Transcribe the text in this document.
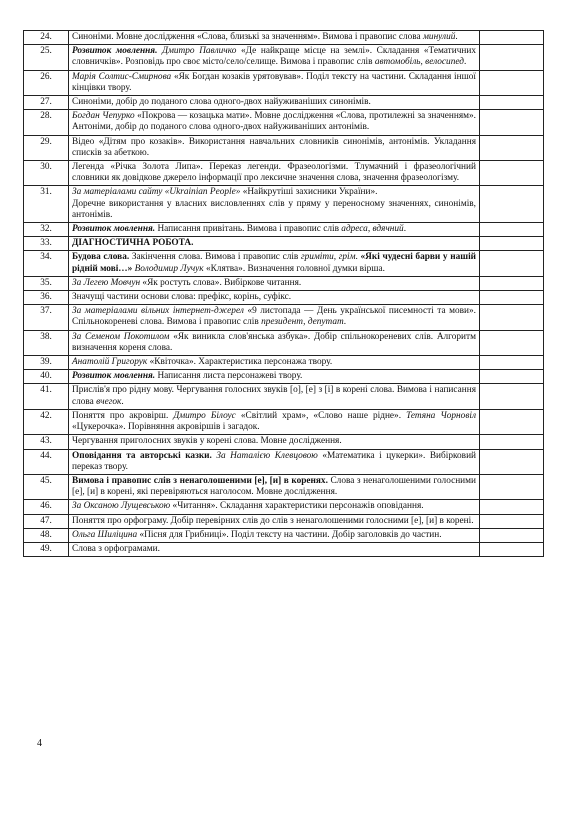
24.	Синоніми. Мовне дослідження «Слова, близькі за значенням». Вимова і правопис слова минулий.	
25.	Розвиток мовлення. Дмитро Павличко «Де найкраще місце на землі». Складання «Тематичних словничків». Розповідь про своє місто/село/селище. Вимова і правопис слів автомобіль, велосипед.	
26.	Марія Солтис-Смирнова «Як Богдан козаків урятовував». Поділ тексту на частини. Складання іншої кінцівки твору.	
27.	Синоніми, добір до поданого слова одного-двох найуживаніших синонімів.	
28.	Богдан Чепурко «Покрова — козацька мати». Мовне дослідження «Слова, протилежні за значенням». Антоніми, добір до поданого слова одного-двох найуживаніших антонімів.	
29.	Відео «Дітям про козаків». Використання навчальних словників синонімів, антонімів. Укладання списків за абеткою.	
30.	Легенда «Річка Золота Липа». Переказ легенди. Фразеологізми. Тлумачний і фразеологічний словники як довідкове джерело інформації про лексичне значення слова, значення фразеологізму.	
31.	За матеріалами сайту «Ukrainian People» «Найкрутіші захисники України».
Доречне використання у власних висловленнях слів у пряму у переносному значеннях, синонімів, антонімів.	
32.	Розвиток мовлення. Написання привітань. Вимова і правопис слів адреса, вдячний.	
33.	ДІАГНОСТИЧНА РОБОТА.	
34.	Будова слова. Закінчення слова. Вимова і правопис слів гриміти, грім. «Які чудесні барви у нашій рідній мові…» Володимир Лучук «Клятва». Визначення головної думки вірша.	
35.	За Легею Мовчун «Як ростуть слова». Вибіркове читання.	
36.	Значущі частини основи слова: префікс, корінь, суфікс.	
37.	За матеріалами вільних інтернет-джерел «9 листопада — День української писемності та мови». Спільнокореневі слова. Вимова і правопис слів президент, депутат.	
38.	За Семеном Покотилом «Як виникла слов'янська азбука». Добір спільнокореневих слів. Алгоритм визначення кореня слова.	
39.	Анатолій Григорук «Квіточка». Характеристика персонажа твору.	
40.	Розвиток мовлення. Написання листа персонажеві твору.	
41.	Прислів'я про рідну мову. Чергування голосних звуків [о], [е] з [і] в корені слова. Вимова і написання слова вчегок.	
42.	Поняття про акровірш. Дмитро Білоус «Світлий храм», «Слово наше рідне». Тетяна Чорновіл «Цукерочка». Порівняння акровіршів і загадок.	
43.	Чергування приголосних звуків у корені слова. Мовне дослідження.	
44.	Оповідання та авторські казки. За Наталією Клевцовою «Математика і цукерки». Вибірковий переказ твору.	
45.	Вимова і правопис слів з ненаголошеними [е], [и] в коренях. Слова з ненаголошеними голосними [е], [и] в корені, які перевіряються наголосом. Мовне дослідження.	
46.	За Оксаною Лущевською «Читання». Складання характеристики персонажів оповідання.	
47.	Поняття про орфограму. Добір перевірних слів до слів з ненаголошеними голосними [е], [и] в корені.	
48.	Ольга Шиліцина «Пісня для Грибниці». Поділ тексту на частини. Добір заголовків до частин.	
49.	Слова з орфограмами.	
4
